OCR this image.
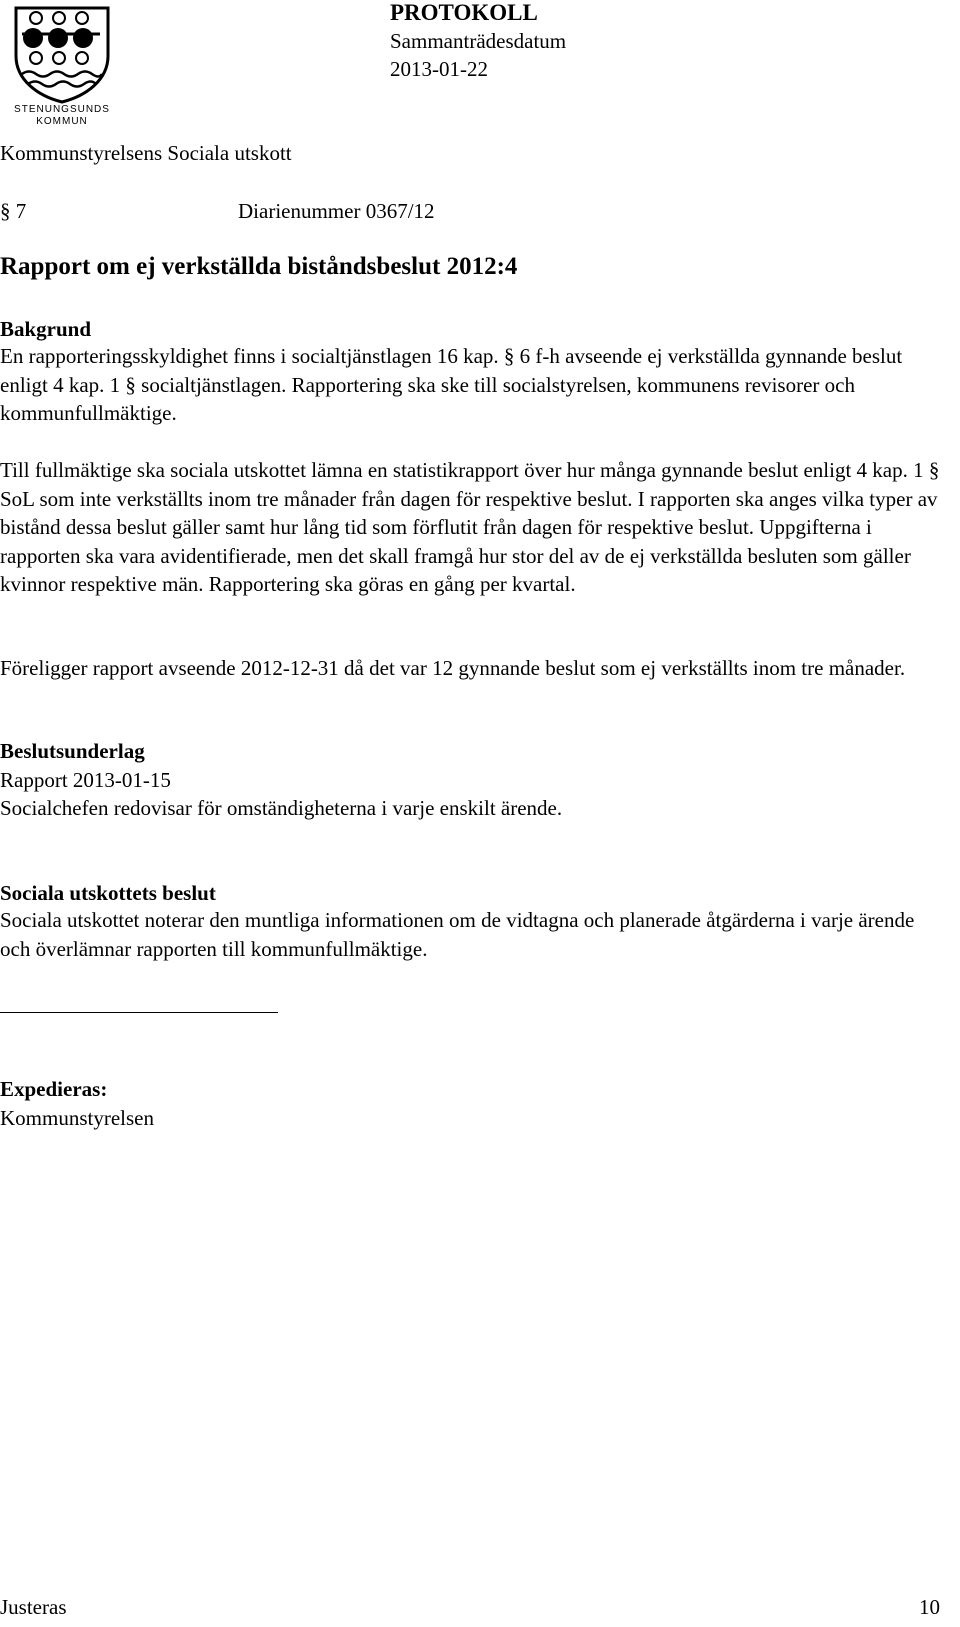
STENUNGSUNDS
KOMMUN
PROTOKOLL
Sammanträdesdatum
2013-01-22
Kommunstyrelsens Sociala utskott
§ 7	Diarienummer 0367/12
Rapport om ej verkställda biståndsbeslut 2012:4
Bakgrund

En rapporteringsskyldighet finns i socialtjänstlagen 16 kap. § 6 f-h avseende ej verkställda gynnande beslut enligt 4 kap. 1 § socialtjänstlagen. Rapportering ska ske till socialstyrelsen, kommunens revisorer och kommunfullmäktige.

Till fullmäktige ska sociala utskottet lämna en statistikrapport över hur många gynnande beslut enligt 4 kap. 1 § SoL som inte verkställts inom tre månader från dagen för respektive beslut. I rapporten ska anges vilka typer av bistånd dessa beslut gäller samt hur lång tid som förflutit från dagen för respektive beslut. Uppgifterna i rapporten ska vara avidentifierade, men det skall framgå hur stor del av de ej verkställda besluten som gäller kvinnor respektive män. Rapportering ska göras en gång per kvartal.

Föreligger rapport avseende 2012-12-31 då det var 12 gynnande beslut som ej verkställts inom tre månader.

Beslutsunderlag
Rapport 2013-01-15
Socialchefen redovisar för omständigheterna i varje enskilt ärende.
Sociala utskottets beslut

Sociala utskottet noterar den muntliga informationen om de vidtagna och planerade åtgärderna i varje ärende och överlämnar rapporten till kommunfullmäktige.

Expedieras:
Kommunstyrelsen
Justeras	10
